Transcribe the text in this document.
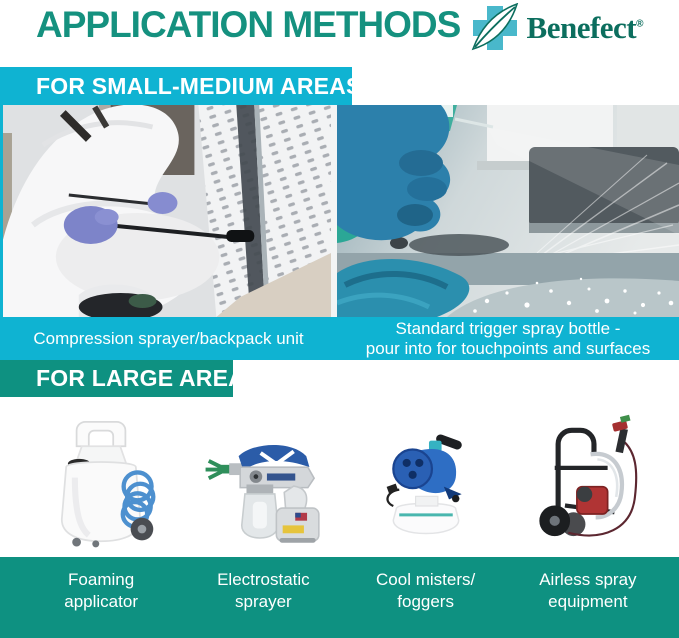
APPLICATION METHODS Benefect®
FOR SMALL-MEDIUM AREAS
Compression sprayer/backpack unit
Standard trigger spray bottle -
pour into for touchpoints and surfaces
FOR LARGE AREAS
Foaming
applicator
Electrostatic
sprayer
Cool misters/
foggers
Airless spray
equipment
